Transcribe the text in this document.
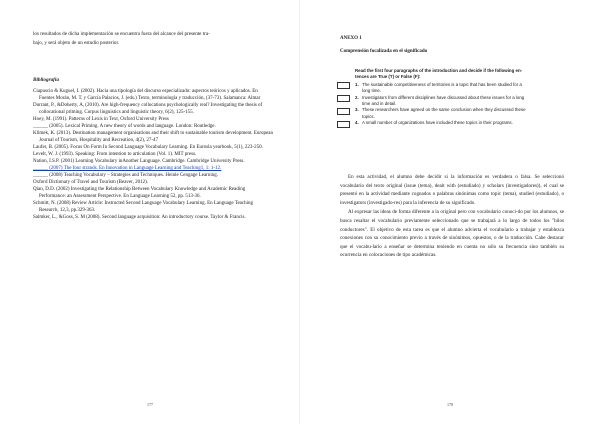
los resultados de dicha implementación se encuentra fuera del alcance del presente tra-
bajo, y será objeto de un estudio posterior.
Bibliografía
Ciapuscio & Kuguel, I. (2002). Hacia una tipología del discurso especializado: aspectos teóricos y aplicados. En Fuentes Morán, M. T. y García Palacios, J. (eds.) Texto, terminología y traducción, (37-73). Salamanca: Almar
Durrant, P., &Doherty, A, (2010). Are high-frequency collocations psychologically real? Investigating the thesis of collocational priming. Corpus linguistics and linguistic theory, 6(2), 125-155.
Hoey, M. (1991). Patterns of Lexis in Text, Oxford University Press
______ (2005). Lexical Priming. A new theory of words and language. London: Routledge.
Klimek, K. (2013). Destination management organisations and their shift to sustainable tourism development. European Journal of Tourism, Hospitality and Recreation, 4(2), 27-47
Laufer, B. (2005). Focus On Form In Second Language Vocabulary Learning. En Eurosla yearbook, 5(1), 223-250.
Levelt, W. J. (1993). Speaking: From intention to articulation (Vol. 1). MIT press.
Nation, I.S.P. (2001) Learning Vocabulary inAnother Language. Cambridge. Cambridge University Press.
______ (2007) The four strands. En Innovation in Language Learning and Teaching1, 1: 1-12.
______ (2008) Teaching Vocabulary – Strategies and Techniques. Heinle Cengage Learning.
Oxford Dictionary of Travel and Tourism (Beaver, 2012).
Qian, D.D. (2002) Investigating the Relationship Between Vocabulary Knowledge and Academic Reading Performance: an Assessment Perspective. En Language Learning 52, pp. 513-36.
Schmitt, N. (2008) Review Article: Instructed Second Language Vocabulary Learning. En Language Teaching Research, 12,3, pp.329-363.
Salmker, L., &Goss, S. M (2008). Second language acquisition: An introductory course. Taylor & Francis.
177
ANEXO 1
Comprensión focalizada en el significado
Read the first four paragraphs of the introduction and decide if the following en-
tences are True (T) or False (F):
1. The sustainable competitiveness of territories is a topic that has been studied for a
long time.
2. Investigators from different disciplines have discussed about these issues for a long
time and in detail.
3. These researchers have agreed on the same conclusion when they discussed these
topics.
4. A small number of organizations have included these topics in their programs.

En esta actividad, el alumno debe decidir si la información es verdadera o falsa. Se seleccionó vocabulario del texto original (issue (tema), dealt with (estudiado) y scholars (investigadores)), el cual se presentó en la actividad mediante cognados o palabras sinónimas como topic (tema), studied (estudiado), o investigators (investigado-res) para la inferencia de su significado.

Al expresar las ideas de forma diferente a la original pero con vocabulario conoci-do por los alumnos, se busca resaltar el vocabulario previamente seleccionado que se trabajará a lo largo de todos los "hilos conductores". El objetivo de esta tarea es que el alumno advierta el vocabulario a trabajar y establezca conexiones con su conocimiento previo a través de sinónimos, opuestos, o de la traducción. Cabe destacar que el vocabu-lario a enseñar se determina teniendo en cuenta no sólo su frecuencia sino también su ocurrencia en colocaciones de tipo académicas.

178
